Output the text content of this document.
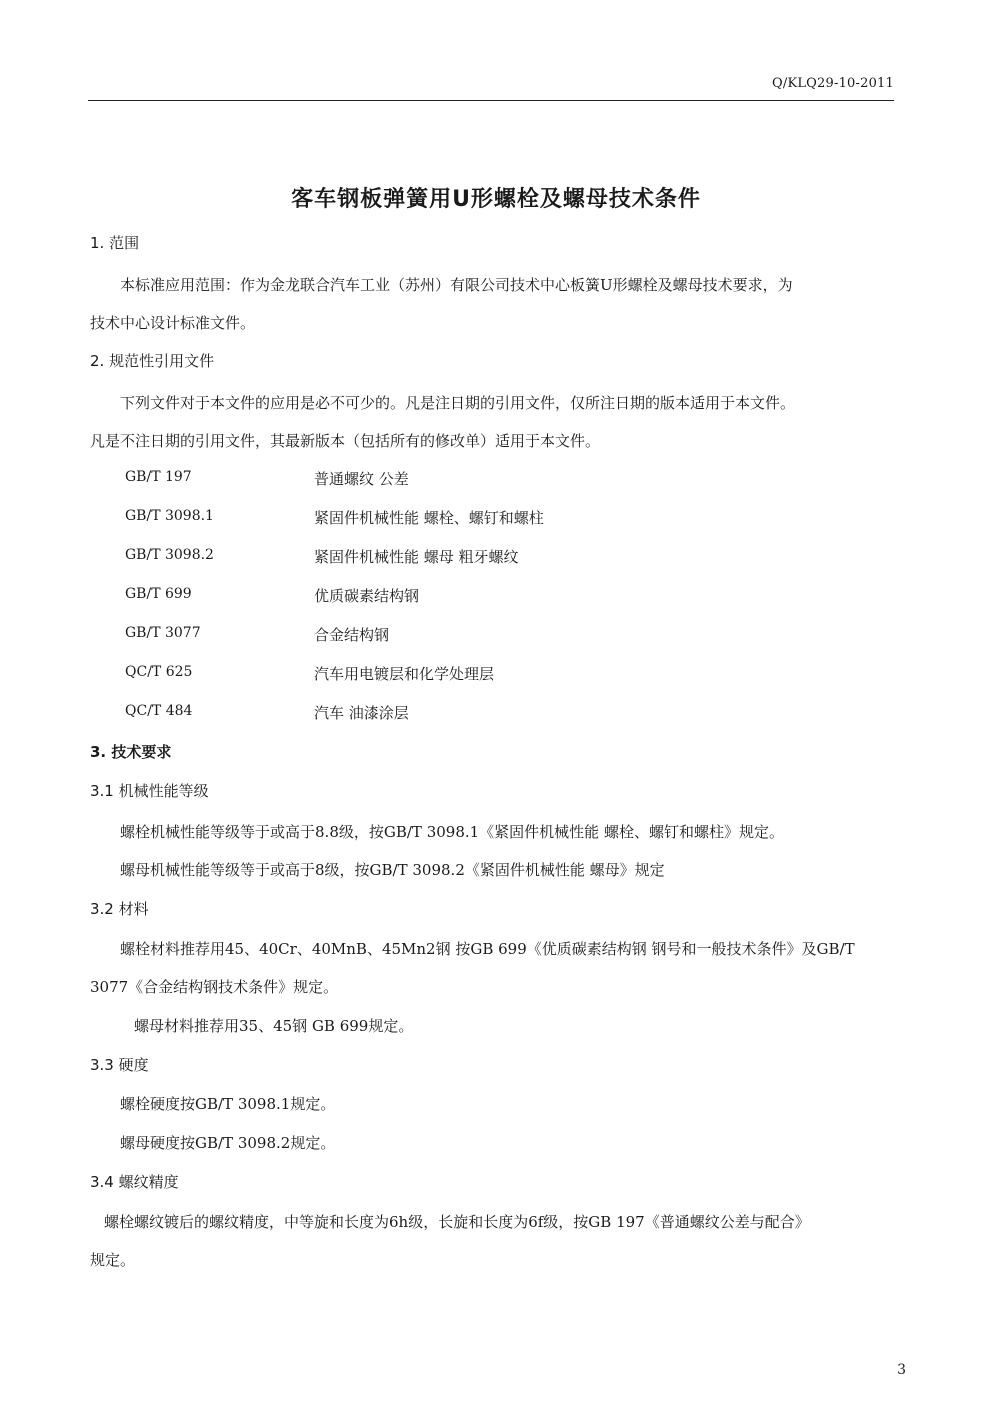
Q/KLQ29-10-2011
客车钢板弹簧用U形螺栓及螺母技术条件
1. 范围
本标准应用范围：作为金龙联合汽车工业（苏州）有限公司技术中心板簧U形螺栓及螺母技术要求，为
技术中心设计标准文件。
2. 规范性引用文件
下列文件对于本文件的应用是必不可少的。凡是注日期的引用文件，仅所注日期的版本适用于本文件。
凡是不注日期的引用文件，其最新版本（包括所有的修改单）适用于本文件。
GB/T 197	普通螺纹 公差
GB/T 3098.1	紧固件机械性能 螺栓、螺钉和螺柱
GB/T 3098.2	紧固件机械性能 螺母 粗牙螺纹
GB/T 699	优质碳素结构钢
GB/T 3077	合金结构钢
QC/T 625	汽车用电镀层和化学处理层
QC/T 484	汽车 油漆涂层
3. 技术要求
3.1 机械性能等级
螺栓机械性能等级等于或高于8.8级，按GB/T 3098.1《紧固件机械性能 螺栓、螺钉和螺柱》规定。
螺母机械性能等级等于或高于8级，按GB/T 3098.2《紧固件机械性能 螺母》规定
3.2 材料
螺栓材料推荐用45、40Cr、40MnB、45Mn2钢 按GB 699《优质碳素结构钢 钢号和一般技术条件》及GB/T
3077《合金结构钢技术条件》规定。
螺母材料推荐用35、45钢 GB 699规定。
3.3 硬度
螺栓硬度按GB/T 3098.1规定。
螺母硬度按GB/T 3098.2规定。
3.4 螺纹精度
螺栓螺纹镀后的螺纹精度，中等旋和长度为6h级，长旋和长度为6f级，按GB 197《普通螺纹公差与配合》
规定。
3
